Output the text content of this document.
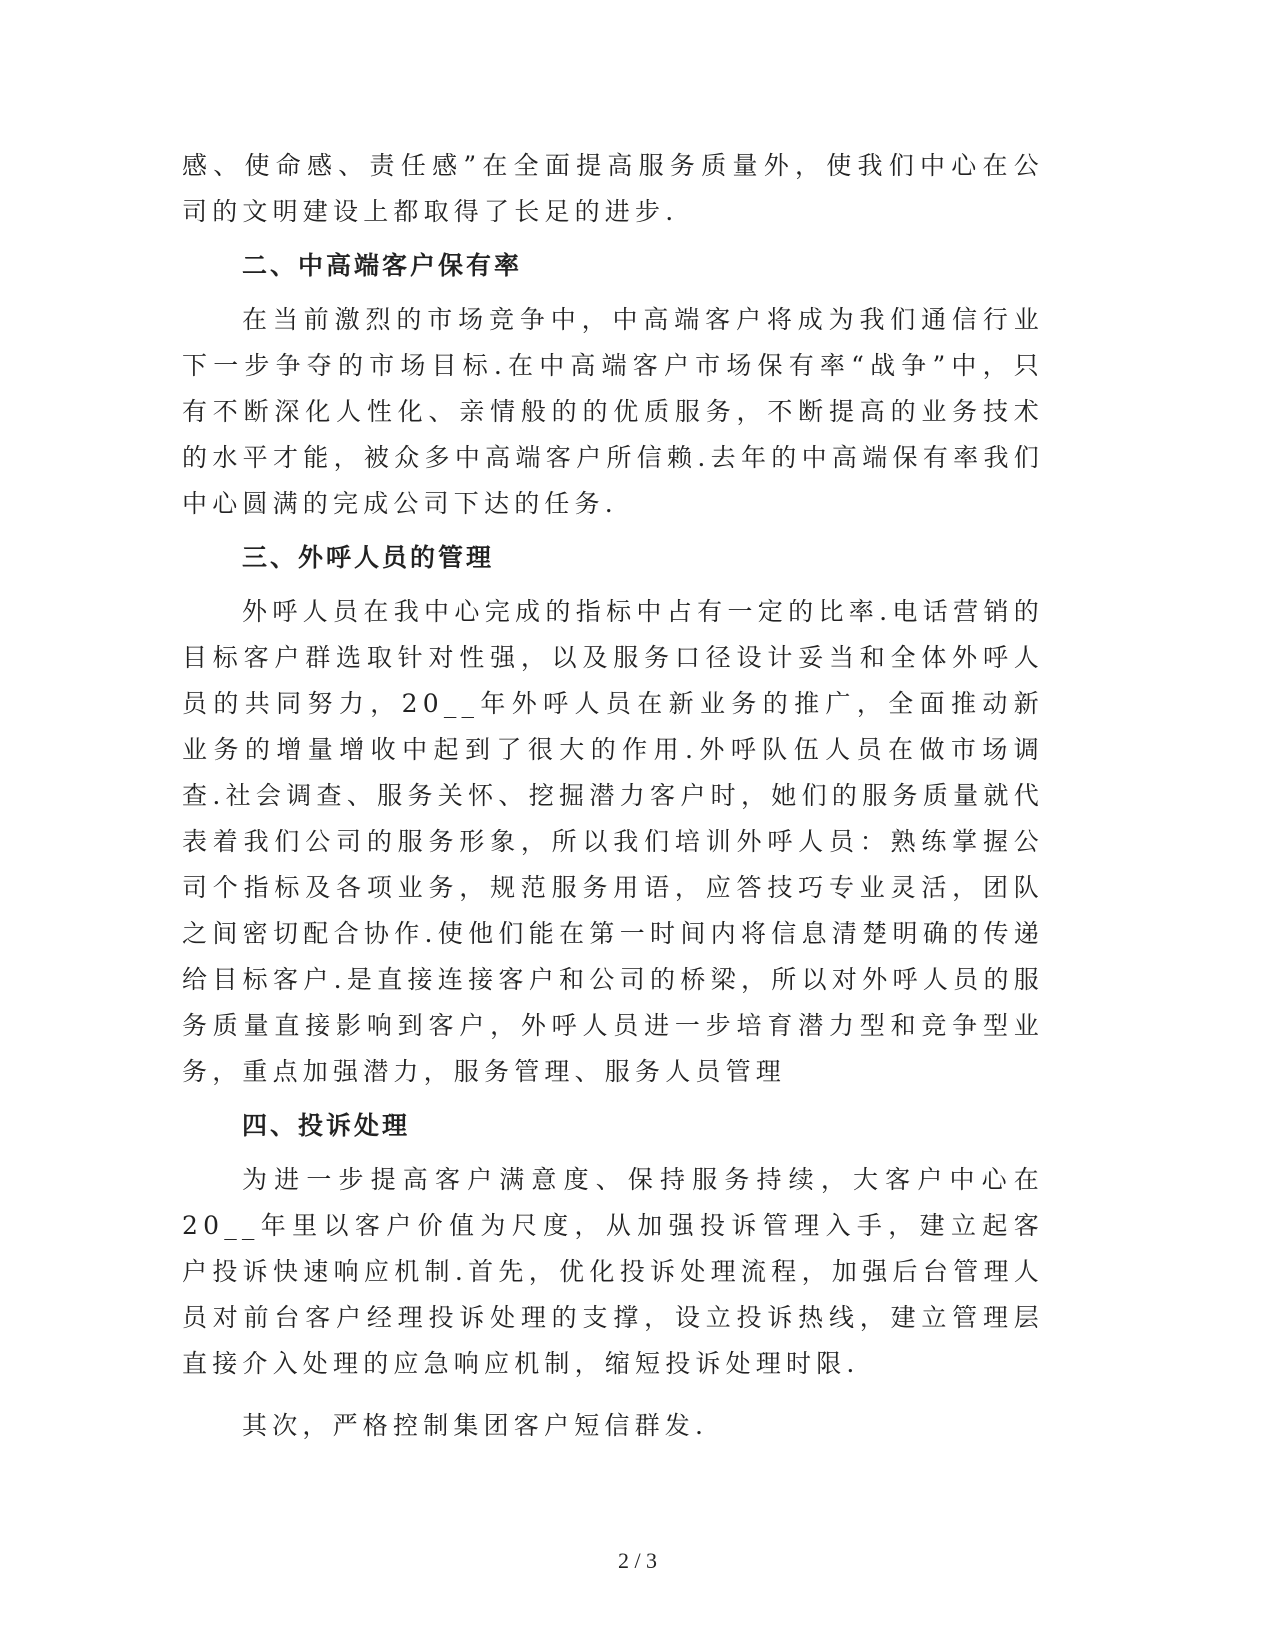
感、使命感、责任感”在全面提高服务质量外，使我们中心在公司的文明建设上都取得了长足的进步.

二、中高端客户保有率

在当前激烈的市场竞争中，中高端客户将成为我们通信行业下一步争夺的市场目标.在中高端客户市场保有率“战争”中，只有不断深化人性化、亲情般的的优质服务，不断提高的业务技术的水平才能，被众多中高端客户所信赖.去年的中高端保有率我们中心圆满的完成公司下达的任务.

三、外呼人员的管理

外呼人员在我中心完成的指标中占有一定的比率.电话营销的目标客户群选取针对性强，以及服务口径设计妥当和全体外呼人员的共同努力，20__年外呼人员在新业务的推广，全面推动新业务的增量增收中起到了很大的作用.外呼队伍人员在做市场调查.社会调查、服务关怀、挖掘潜力客户时，她们的服务质量就代表着我们公司的服务形象，所以我们培训外呼人员：熟练掌握公司个指标及各项业务，规范服务用语，应答技巧专业灵活，团队之间密切配合协作.使他们能在第一时间内将信息清楚明确的传递给目标客户.是直接连接客户和公司的桥梁，所以对外呼人员的服务质量直接影响到客户，外呼人员进一步培育潜力型和竞争型业务，重点加强潜力，服务管理、服务人员管理

四、投诉处理

为进一步提高客户满意度、保持服务持续，大客户中心在20__年里以客户价值为尺度，从加强投诉管理入手，建立起客户投诉快速响应机制.首先，优化投诉处理流程，加强后台管理人员对前台客户经理投诉处理的支撑，设立投诉热线，建立管理层直接介入处理的应急响应机制，缩短投诉处理时限.

其次，严格控制集团客户短信群发.

2 / 3
